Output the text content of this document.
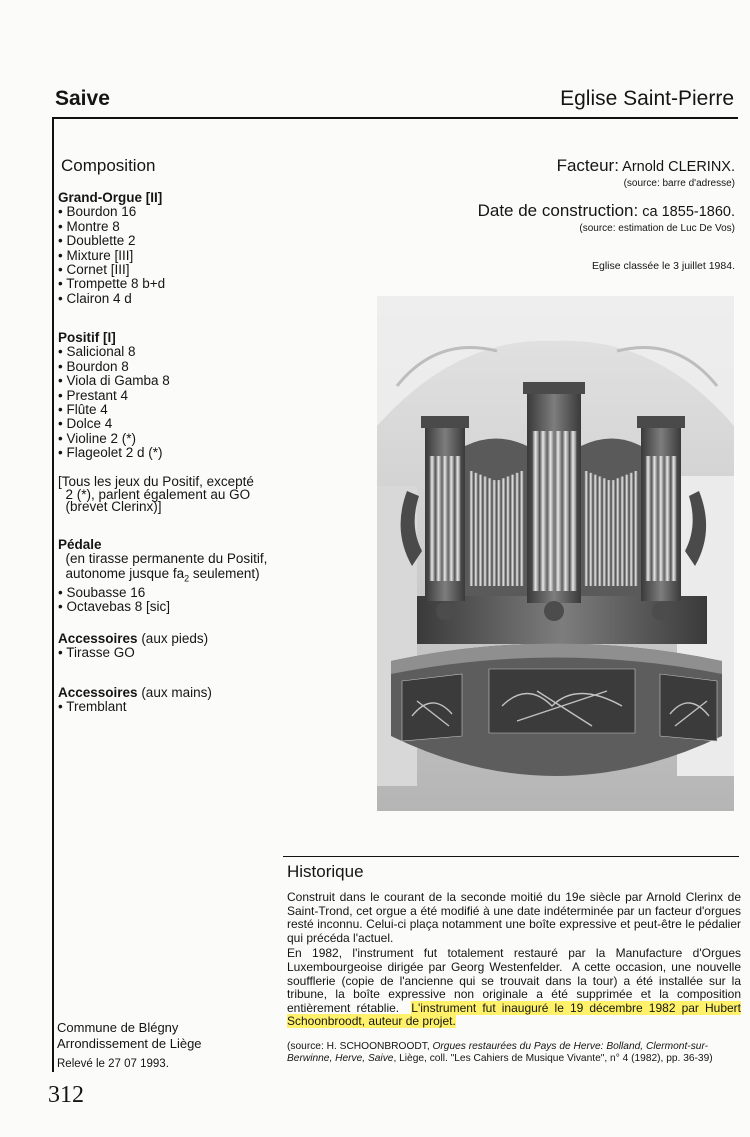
Saive	Eglise Saint-Pierre
Composition
Grand-Orgue [II]
• Bourdon 16
• Montre 8
• Doublette 2
• Mixture [III]
• Cornet [III]
• Trompette 8 b+d
• Clairon 4 d
Positif [I]
• Salicional 8
• Bourdon 8
• Viola di Gamba 8
• Prestant 4
• Flûte 4
• Dolce 4
• Violine 2 (*)
• Flageolet 2 d (*)
[Tous les jeux du Positif, excepté
2 (*), parlent également au GO
(brevet Clerinx)]
Pédale
(en tirasse permanente du Positif,
autonome jusque $fa_2$ seulement)
• Soubasse 16
• Octavebas 8 [sic]
Accessoires (aux pieds)
• Tirasse GO
Accessoires (aux mains)
• Tremblant
Facteur: Arnold CLERINX.
(source: barre d'adresse)
Date de construction: ca 1855-1860.
(source: estimation de Luc De Vos)
Eglise classée le 3 juillet 1984.
Historique

Construit dans le courant de la seconde moitié du 19e siècle par Arnold Clerinx de Saint-Trond, cet orgue a été modifié à une date indéterminée par un facteur d'orgues resté inconnu. Celui-ci plaça notamment une boîte expressive et peut-être le pédalier qui précéda l'actuel.

En 1982, l'instrument fut totalement restauré par la Manufacture d'Orgues Luxembourgeoise dirigée par Georg Westenfelder.  A cette occasion, une nouvelle soufflerie (copie de l'ancienne qui se trouvait dans la tour) a été installée sur la tribune, la boîte expressive non originale a été supprimée et la composition entièrement rétablie.  L'instrument fut inauguré le 19 décembre 1982 par Hubert Schoonbroodt, auteur de projet.

(source: H. SCHOONBROODT, Orgues restaurées du Pays de Herve: Bolland, Clermont-sur-Berwinne, Herve, Saive, Liège, coll. "Les Cahiers de Musique Vivante", n° 4 (1982), pp. 36-39)
Commune de Blégny
Arrondissement de Liège
Relevé le 27 07 1993.
312
